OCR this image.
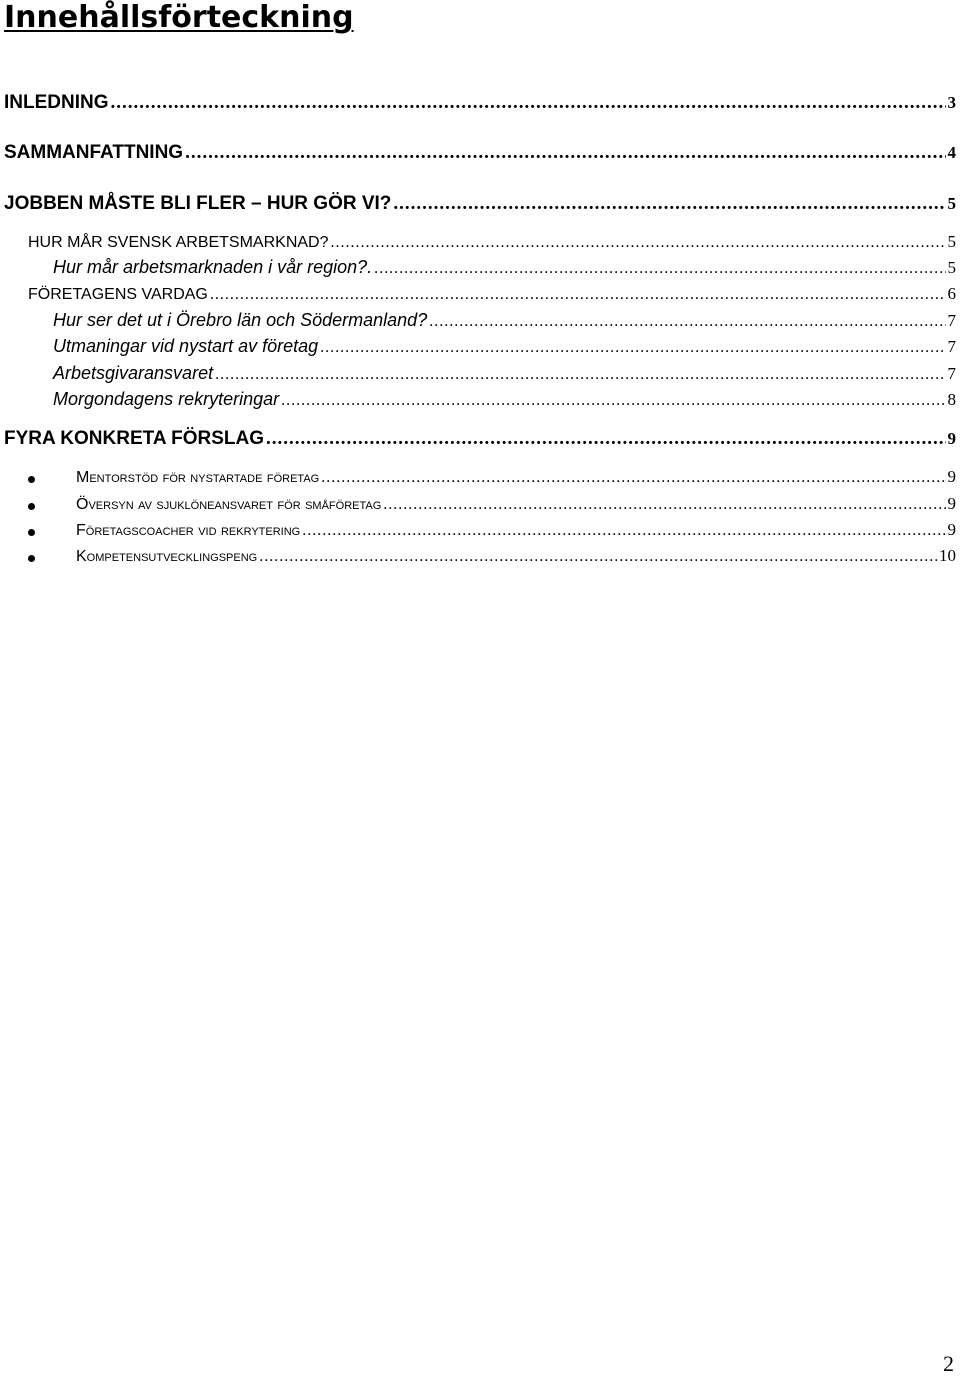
Innehållsförteckning
INLEDNING .....	3
SAMMANFATTNING .....	4
JOBBEN MÅSTE BLI FLER – HUR GÖR VI? .....	5
HUR MÅR SVENSK ARBETSMARKNAD? .....	5
Hur mår arbetsmarknaden i vår region?. .....	5
FÖRETAGENS VARDAG .....	6
Hur ser det ut i Örebro län och Södermanland? .....	7
Utmaningar vid nystart av företag .....	7
Arbetsgivaransvaret .....	7
Morgondagens rekryteringar .....	8
FYRA KONKRETA FÖRSLAG .....	9
Mentorstöd för nystartade företag .....	9
Översyn av sjuklöneansvaret för småföretag .....	9
Företagscoacher vid rekrytering .....	9
Kompetensutvecklingspeng .....	10
2
